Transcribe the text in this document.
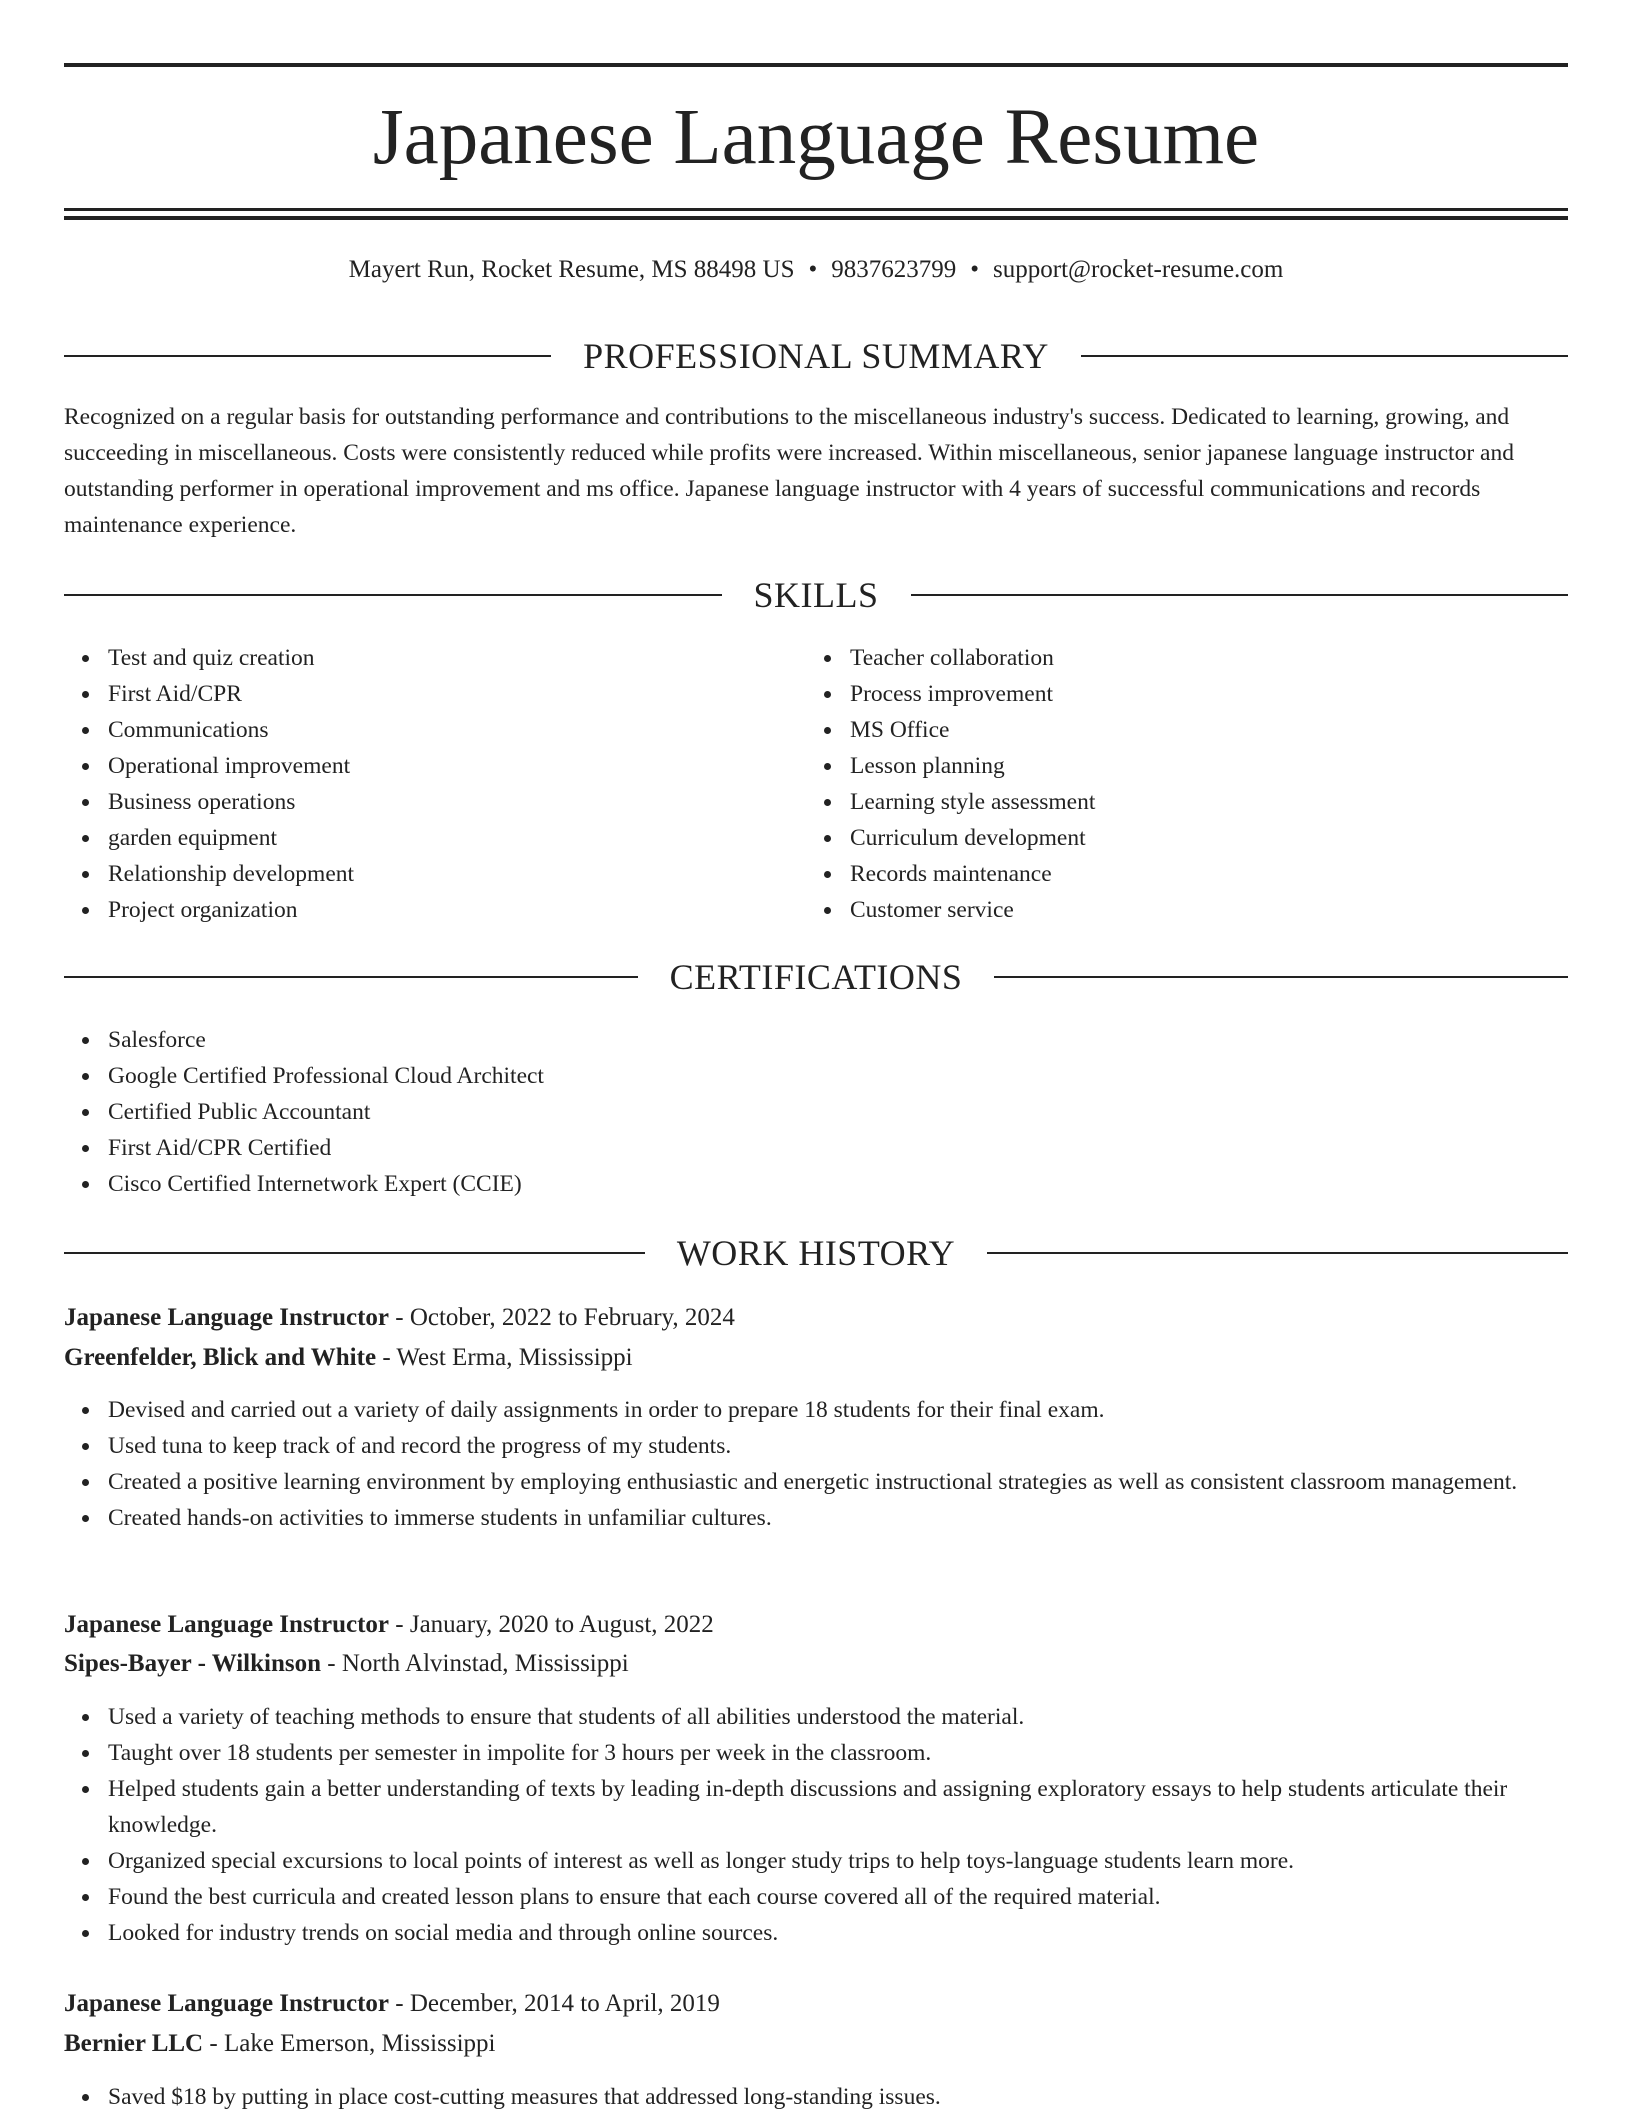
Japanese Language Resume
Mayert Run, Rocket Resume, MS 88498 US • 9837623799 • support@rocket-resume.com
PROFESSIONAL SUMMARY

Recognized on a regular basis for outstanding performance and contributions to the miscellaneous industry's success. Dedicated to learning, growing, and succeeding in miscellaneous. Costs were consistently reduced while profits were increased. Within miscellaneous, senior japanese language instructor and outstanding performer in operational improvement and ms office. Japanese language instructor with 4 years of successful communications and records maintenance experience.

SKILLS
Test and quiz creation
First Aid/CPR
Communications
Operational improvement
Business operations
garden equipment
Relationship development
Project organization
Teacher collaboration
Process improvement
MS Office
Lesson planning
Learning style assessment
Curriculum development
Records maintenance
Customer service
CERTIFICATIONS
Salesforce
Google Certified Professional Cloud Architect
Certified Public Accountant
First Aid/CPR Certified
Cisco Certified Internetwork Expert (CCIE)
WORK HISTORY
Japanese Language Instructor - October, 2022 to February, 2024
Greenfelder, Blick and White - West Erma, Mississippi
Devised and carried out a variety of daily assignments in order to prepare 18 students for their final exam.
Used tuna to keep track of and record the progress of my students.
Created a positive learning environment by employing enthusiastic and energetic instructional strategies as well as consistent classroom management.
Created hands-on activities to immerse students in unfamiliar cultures.
Japanese Language Instructor - January, 2020 to August, 2022
Sipes-Bayer - Wilkinson - North Alvinstad, Mississippi
Used a variety of teaching methods to ensure that students of all abilities understood the material.
Taught over 18 students per semester in impolite for 3 hours per week in the classroom.
Helped students gain a better understanding of texts by leading in-depth discussions and assigning exploratory essays to help students articulate their knowledge.
Organized special excursions to local points of interest as well as longer study trips to help toys-language students learn more.
Found the best curricula and created lesson plans to ensure that each course covered all of the required material.
Looked for industry trends on social media and through online sources.
Japanese Language Instructor - December, 2014 to April, 2019
Bernier LLC - Lake Emerson, Mississippi
Saved $18 by putting in place cost-cutting measures that addressed long-standing issues.
